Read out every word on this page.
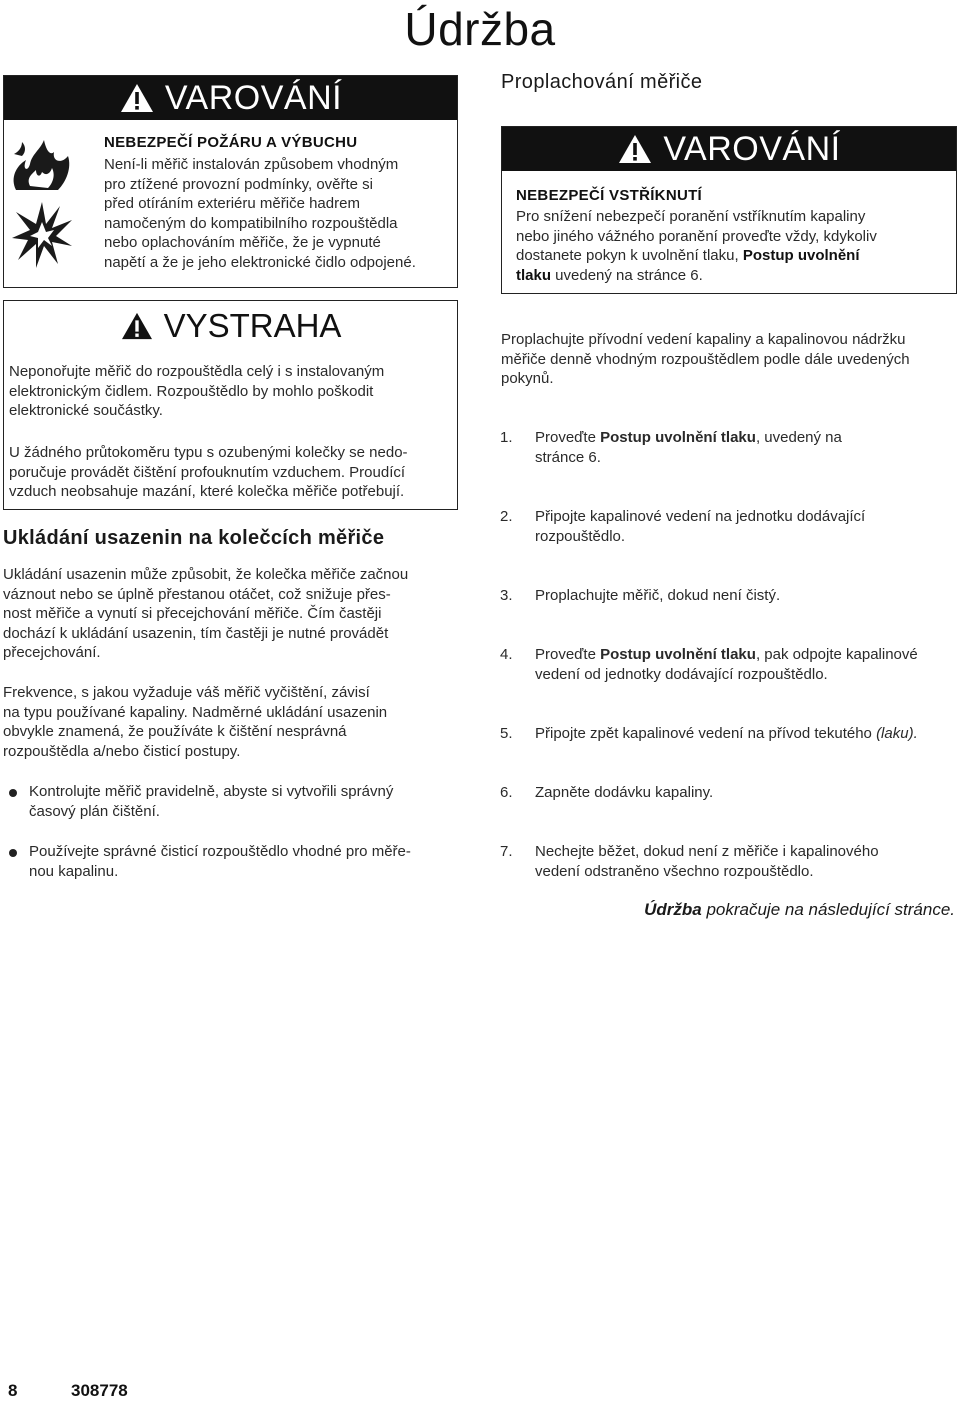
Údržba
VAROVÁNÍ
NEBEZPEČÍ POŽÁRU A VÝBUCHU
Není-li měřič instalován způsobem vhodným
pro ztížené provozní podmínky, ověřte si
před otíráním exteriéru měřiče hadrem
namočeným do kompatibilního rozpouštědla
nebo oplachováním měřiče, že je vypnuté
napětí a že je jeho elektronické čidlo odpojené.
VYSTRAHA
Neponořujte měřič do rozpouštědla celý i s instalovaným
elektronickým čidlem. Rozpouštědlo by mohlo poškodit
elektronické součástky.
U žádného průtokoměru typu s ozubenými kolečky se nedo-
poručuje provádět čištění profouknutím vzduchem. Proudící
vzduch neobsahuje mazání, které kolečka měřiče potřebují.
Ukládání usazenin na kolečcích měřiče
Ukládání usazenin může způsobit, že kolečka měřiče začnou
váznout nebo se úplně přestanou otáčet, což snižuje přes-
nost měřiče a vynutí si přecejchování měřiče. Čím častěji
dochází k ukládání usazenin, tím častěji je nutné provádět
přecejchování.
Frekvence, s jakou vyžaduje váš měřič vyčištění, závisí
na typu používané kapaliny. Nadměrné ukládání usazenin
obvykle znamená, že používáte k čištění nesprávná
rozpouštědla a/nebo čisticí postupy.
Kontrolujte měřič pravidelně, abyste si vytvořili správný
časový plán čištění.
Používejte správné čisticí rozpouštědlo vhodné pro měře-
nou kapalinu.
Proplachování měřiče
VAROVÁNÍ
NEBEZPEČÍ VSTŘÍKNUTÍ
Pro snížení nebezpečí poranění vstříknutím kapaliny
nebo jiného vážného poranění proveďte vždy, kdykoliv
dostanete pokyn k uvolnění tlaku, Postup uvolnění
tlaku uvedený na stránce 6.
Proplachujte přívodní vedení kapaliny a kapalinovou nádržku
měřiče denně vhodným rozpouštědlem podle dále uvedených
pokynů.
1. Proveďte Postup uvolnění tlaku, uvedený na
stránce 6.
2. Připojte kapalinové vedení na jednotku dodávající
rozpouštědlo.
3. Proplachujte měřič, dokud není čistý.
4. Proveďte Postup uvolnění tlaku, pak odpojte kapalinové
vedení od jednotky dodávající rozpouštědlo.
5. Připojte zpět kapalinové vedení na přívod tekutého (laku).
6. Zapněte dodávku kapaliny.
7. Nechejte běžet, dokud není z měřiče i kapalinového
vedení odstraněno všechno rozpouštědlo.
Údržba pokračuje na následující stránce.
8	308778
